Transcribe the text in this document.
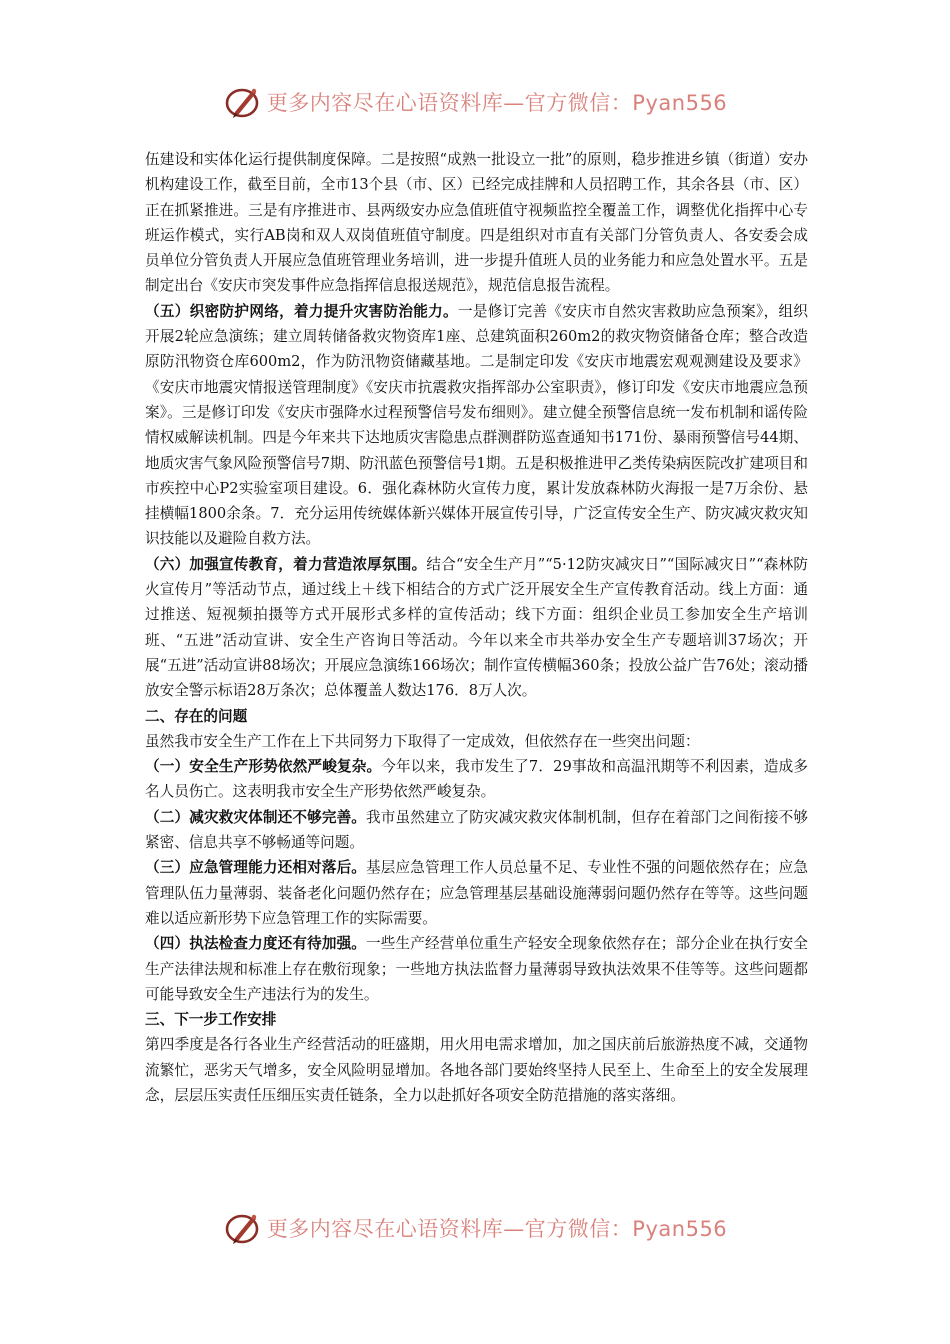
更多内容尽在心语资料库—官方微信：Pyan556

伍建设和实体化运行提供制度保障。二是按照“成熟一批设立一批”的原则，稳步推进乡镇（街道）安办机构建设工作，截至目前，全市13个县（市、区）已经完成挂牌和人员招聘工作，其余各县（市、区）正在抓紧推进。三是有序推进市、县两级安办应急值班值守视频监控全覆盖工作，调整优化指挥中心专班运作模式，实行AB岗和双人双岗值班值守制度。四是组织对市直有关部门分管负责人、各安委会成员单位分管负责人开展应急值班管理业务培训，进一步提升值班人员的业务能力和应急处置水平。五是制定出台《安庆市突发事件应急指挥信息报送规范》，规范信息报告流程。

（五）织密防护网络，着力提升灾害防治能力。一是修订完善《安庆市自然灾害救助应急预案》，组织开展2轮应急演练；建立周转储备救灾物资库1座、总建筑面积260m2的救灾物资储备仓库；整合改造原防汛物资仓库600m2，作为防汛物资储藏基地。二是制定印发《安庆市地震宏观观测建设及要求》《安庆市地震灾情报送管理制度》《安庆市抗震救灾指挥部办公室职责》，修订印发《安庆市地震应急预案》。三是修订印发《安庆市强降水过程预警信号发布细则》。建立健全预警信息统一发布机制和谣传险情权威解读机制。四是今年来共下达地质灾害隐患点群测群防巡查通知书171份、暴雨预警信号44期、地质灾害气象风险预警信号7期、防汛蓝色预警信号1期。五是积极推进甲乙类传染病医院改扩建项目和市疾控中心P2实验室项目建设。6．强化森林防火宣传力度，累计发放森林防火海报一是7万余份、悬挂横幅1800余条。7．充分运用传统媒体新兴媒体开展宣传引导，广泛宣传安全生产、防灾减灾救灾知识技能以及避险自救方法。

（六）加强宣传教育，着力营造浓厚氛围。结合“安全生产月”“5·12防灾减灾日”“国际减灾日”“森林防火宣传月”等活动节点，通过线上＋线下相结合的方式广泛开展安全生产宣传教育活动。线上方面：通过推送、短视频拍摄等方式开展形式多样的宣传活动；线下方面：组织企业员工参加安全生产培训班、“五进”活动宣讲、安全生产咨询日等活动。今年以来全市共举办安全生产专题培训37场次；开展“五进”活动宣讲88场次；开展应急演练166场次；制作宣传横幅360条；投放公益广告76处；滚动播放安全警示标语28万条次；总体覆盖人数达176．8万人次。

二、存在的问题

虽然我市安全生产工作在上下共同努力下取得了一定成效，但依然存在一些突出问题：

（一）安全生产形势依然严峻复杂。今年以来，我市发生了7．29事故和高温汛期等不利因素，造成多名人员伤亡。这表明我市安全生产形势依然严峻复杂。

（二）减灾救灾体制还不够完善。我市虽然建立了防灾减灾救灾体制机制，但存在着部门之间衔接不够紧密、信息共享不够畅通等问题。

（三）应急管理能力还相对落后。基层应急管理工作人员总量不足、专业性不强的问题依然存在；应急管理队伍力量薄弱、装备老化问题仍然存在；应急管理基层基础设施薄弱问题仍然存在等等。这些问题难以适应新形势下应急管理工作的实际需要。

（四）执法检查力度还有待加强。一些生产经营单位重生产轻安全现象依然存在；部分企业在执行安全生产法律法规和标准上存在敷衍现象；一些地方执法监督力量薄弱导致执法效果不佳等等。这些问题都可能导致安全生产违法行为的发生。

三、下一步工作安排

第四季度是各行各业生产经营活动的旺盛期，用火用电需求增加，加之国庆前后旅游热度不减，交通物流繁忙，恶劣天气增多，安全风险明显增加。各地各部门要始终坚持人民至上、生命至上的安全发展理念，层层压实责任压细压实责任链条，全力以赴抓好各项安全防范措施的落实落细。

更多内容尽在心语资料库—官方微信：Pyan556
